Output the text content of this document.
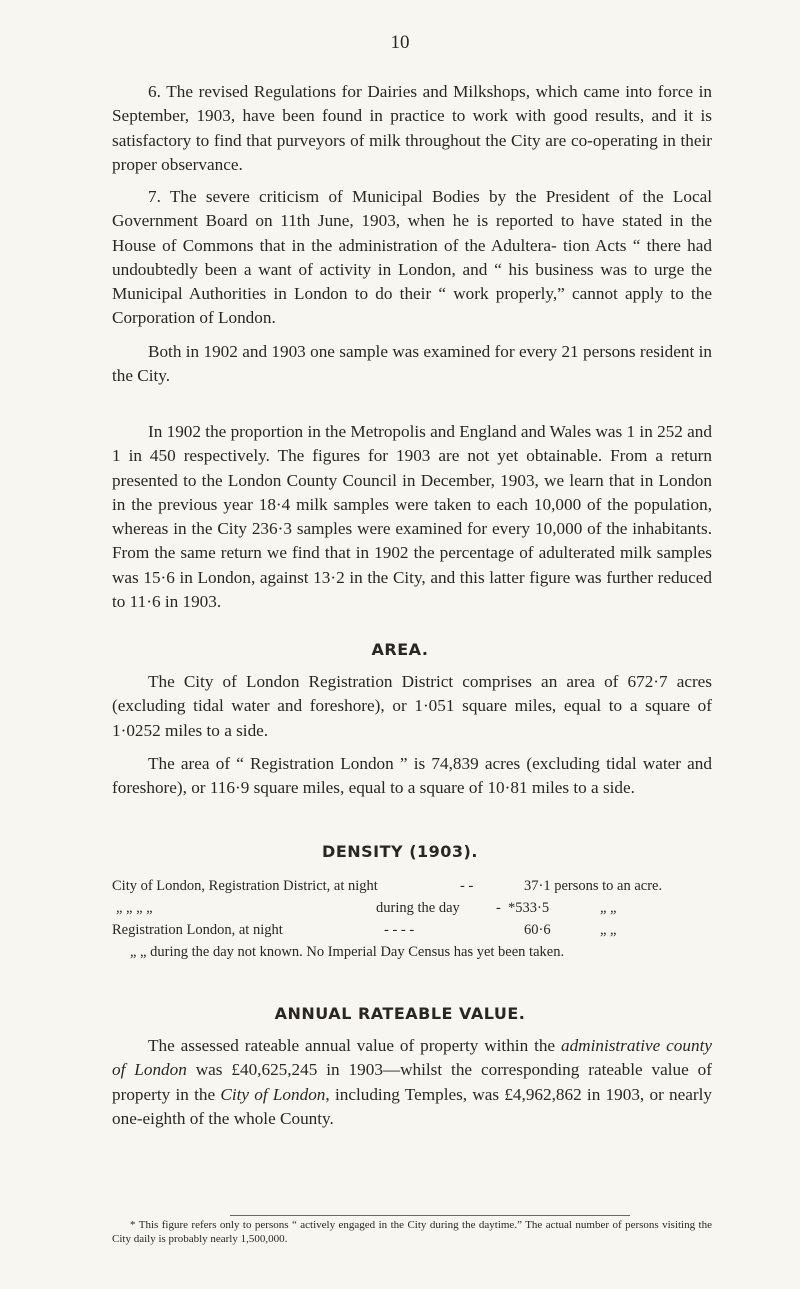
10

6. The revised Regulations for Dairies and Milkshops, which came into force in September, 1903, have been found in practice to work with good results, and it is satisfactory to find that purveyors of milk throughout the City are co-operating in their proper observance.

7. The severe criticism of Municipal Bodies by the President of the Local Government Board on 11th June, 1903, when he is reported to have stated in the House of Commons that in the administration of the Adultera- tion Acts “ there had undoubtedly been a want of activity in London, and “ his business was to urge the Municipal Authorities in London to do their “ work properly,” cannot apply to the Corporation of London.

Both in 1902 and 1903 one sample was examined for every 21 persons resident in the City.

In 1902 the proportion in the Metropolis and England and Wales was 1 in 252 and 1 in 450 respectively. The figures for 1903 are not yet obtainable. From a return presented to the London County Council in December, 1903, we learn that in London in the previous year 18·4 milk samples were taken to each 10,000 of the population, whereas in the City 236·3 samples were examined for every 10,000 of the inhabitants. From the same return we find that in 1902 the percentage of adulterated milk samples was 15·6 in London, against 13·2 in the City, and this latter figure was further reduced to 11·6 in 1903.

AREA.

The City of London Registration District comprises an area of 672·7 acres (excluding tidal water and foreshore), or 1·051 square miles, equal to a square of 1·0252 miles to a side.

The area of “ Registration London ” is 74,839 acres (excluding tidal water and foreshore), or 116·9 square miles, equal to a square of 10·81 miles to a side.

DENSITY (1903).
City of London, Registration District, at night	- -	37·1 persons to an acre.
„ „ „ „	during the day - *533·5	„ „
Registration London, at night	- - - -	60·6	„ „

„ „ during the day not known. No Imperial Day Census has yet been taken.

ANNUAL RATEABLE VALUE.

The assessed rateable annual value of property within the administrative county of London was £40,625,245 in 1903—whilst the corresponding rateable value of property in the City of London, including Temples, was £4,962,862 in 1903, or nearly one-eighth of the whole County.

* This figure refers only to persons “ actively engaged in the City during the daytime.” The actual number of persons visiting the City daily is probably nearly 1,500,000.
